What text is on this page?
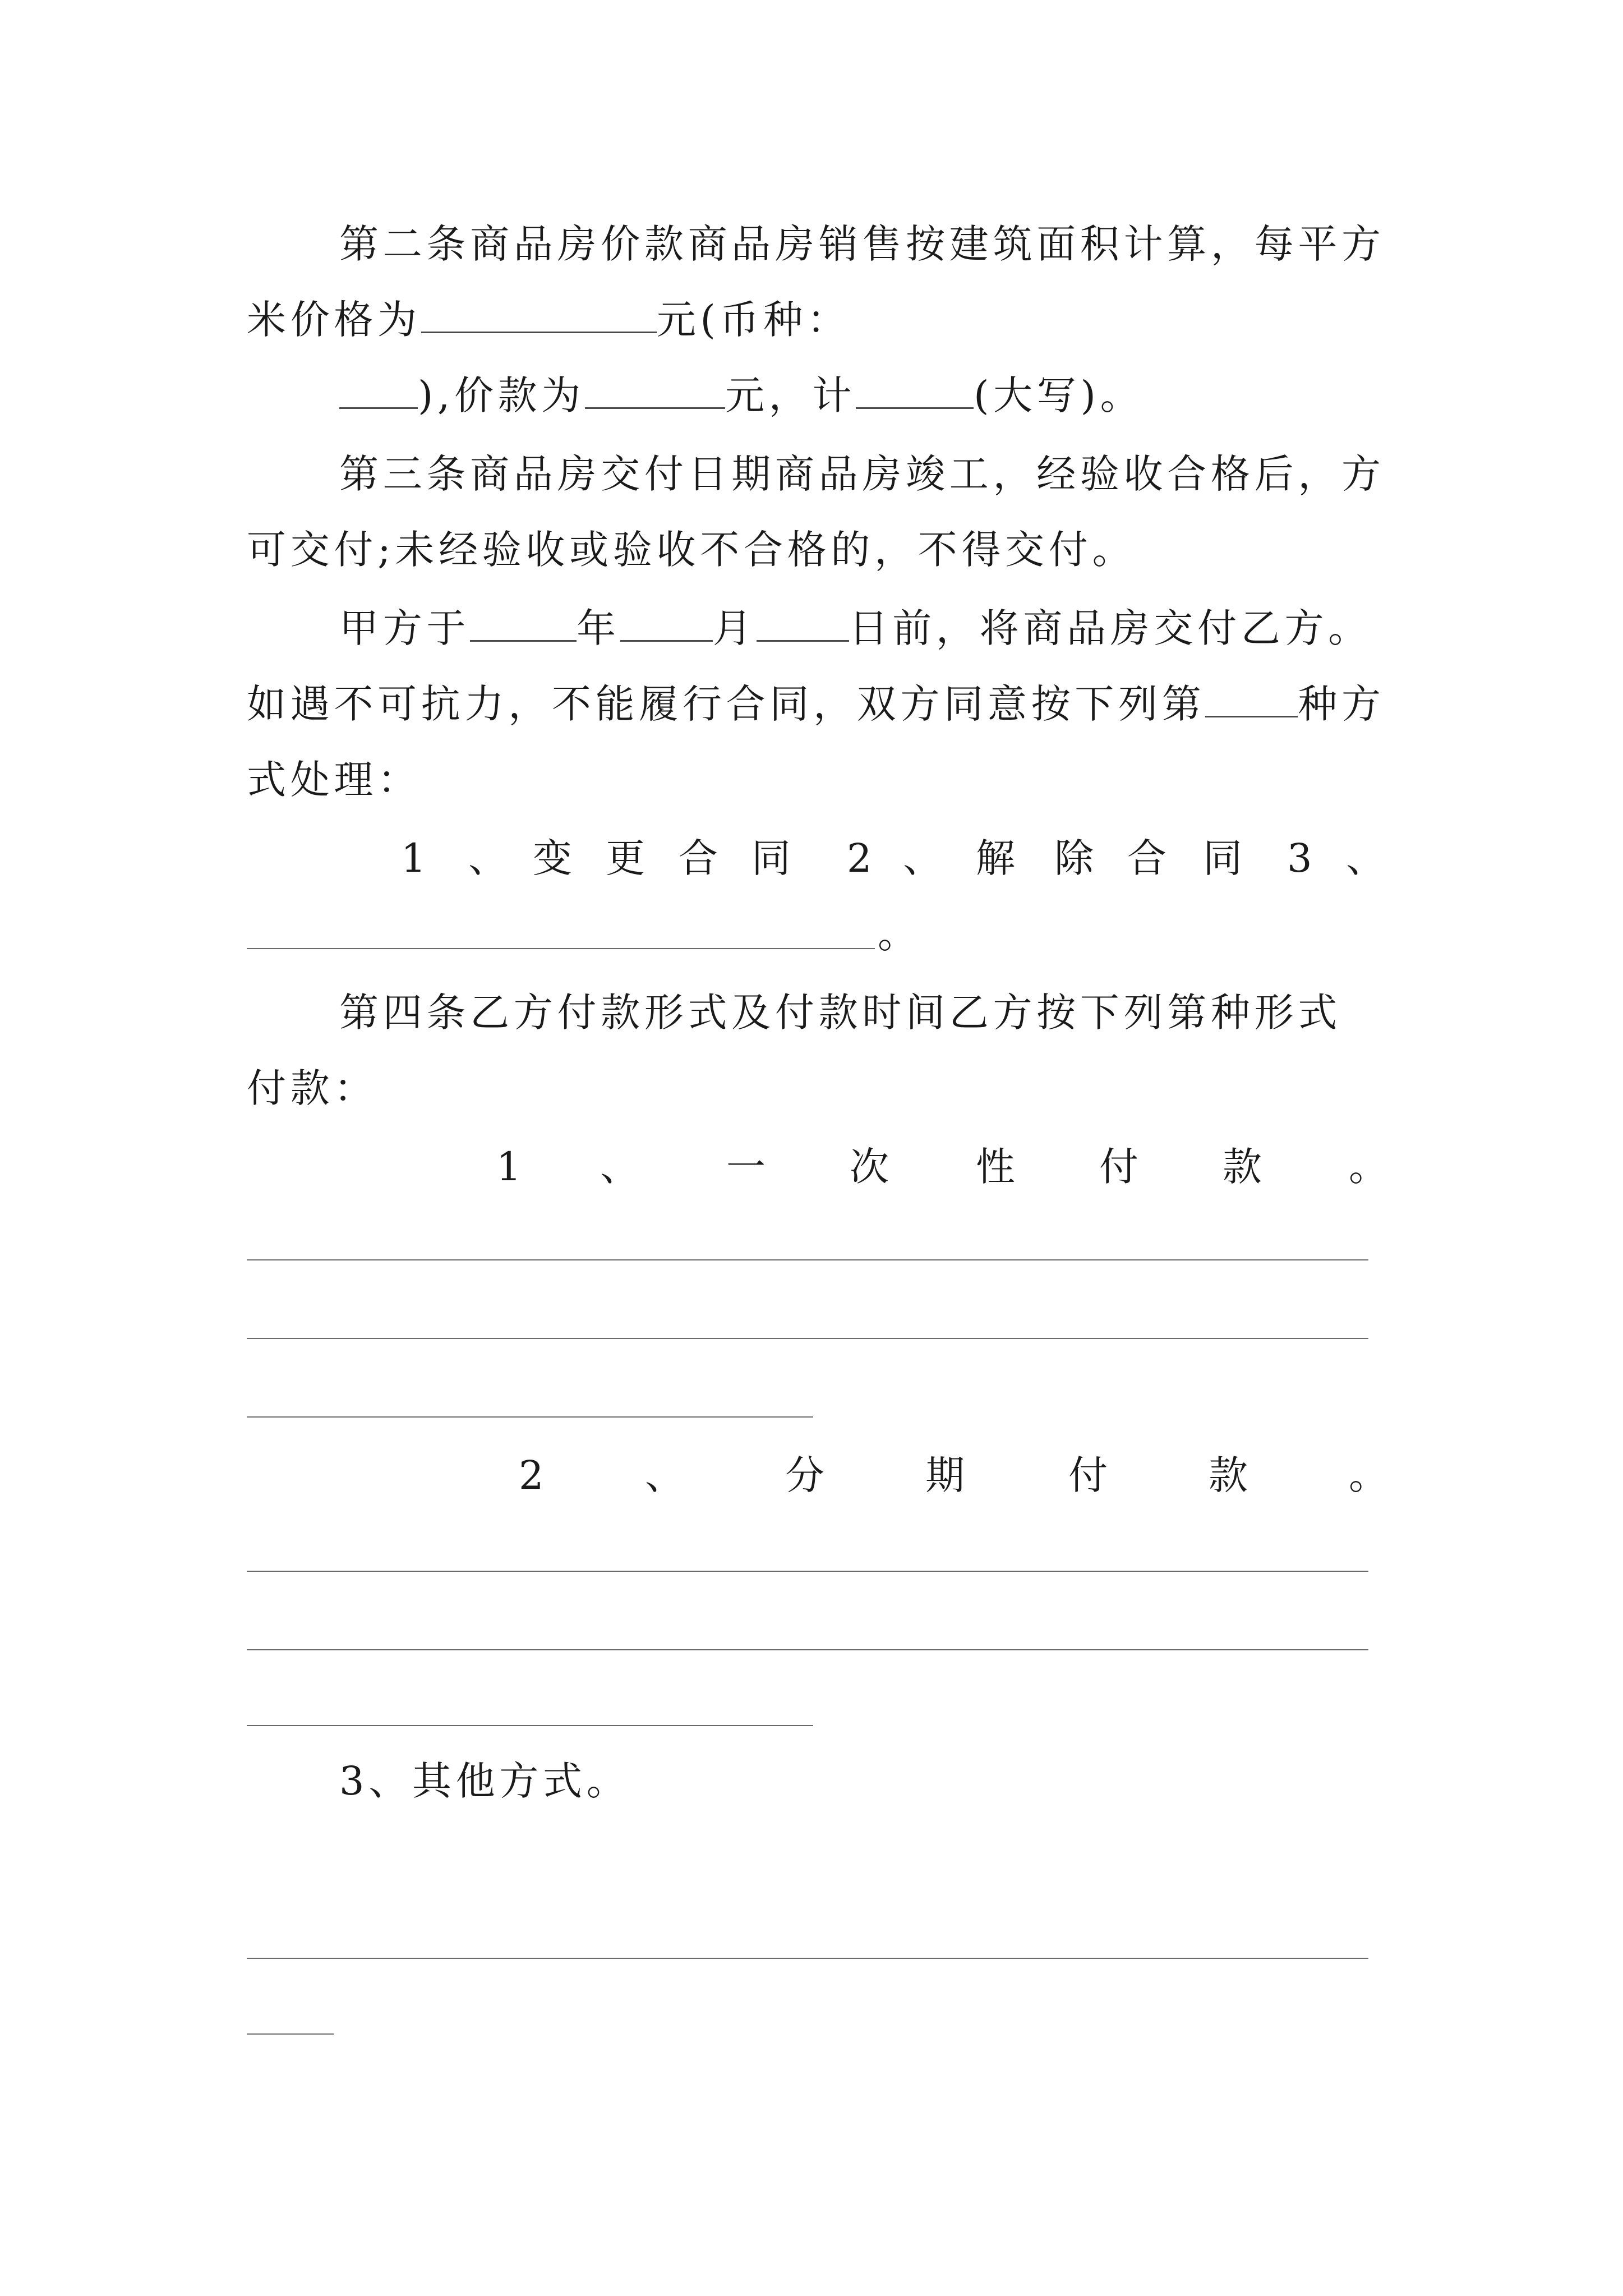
第二条商品房价款商品房销售按建筑面积计算，每平方
米价格为	元(币种：
),价款为	元，计	(大写)。
第三条商品房交付日期商品房竣工，经验收合格后，方
可交付;未经验收或验收不合格的，不得交付。
甲方于	年 月 日前，将商品房交付乙方。
如遇不可抗力，不能履行合同，双方同意按下列第 种方
式处理：
1 、 变 更 合 同 2 、 解 除 合 同 3 、
。
第四条乙方付款形式及付款时间乙方按下列第种形式
付款：
1 、 一 次 性 付 款 。
2	、	分	期	付	款	。
3、其他方式。
